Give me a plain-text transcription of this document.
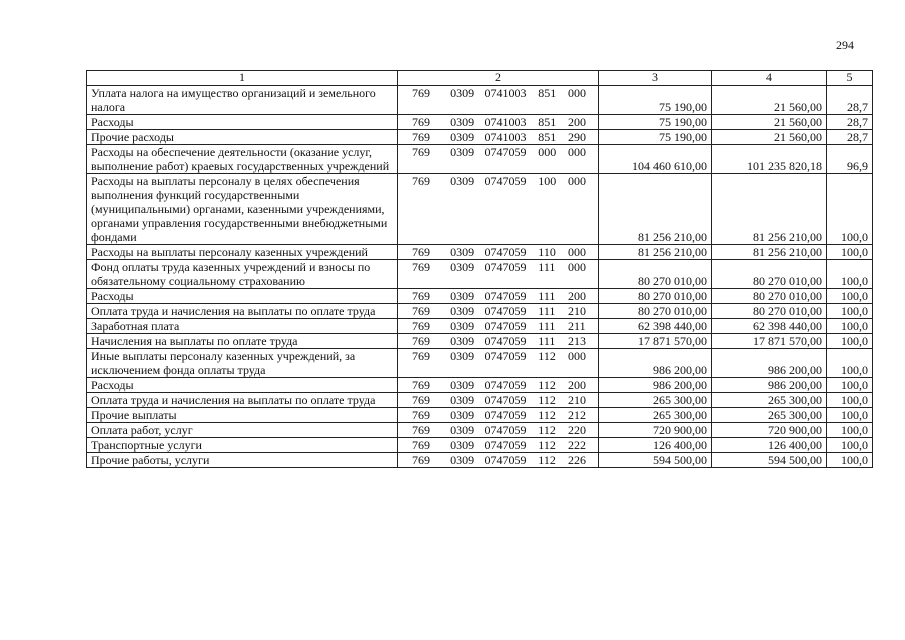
294
1	2	3	4	5
Уплата налога на имущество организаций и земельного налога	769 0309 0741003 851 000	75 190,00	21 560,00	28,7
Расходы	769 0309 0741003 851 200	75 190,00	21 560,00	28,7
Прочие расходы	769 0309 0741003 851 290	75 190,00	21 560,00	28,7
Расходы на обеспечение деятельности (оказание услуг, выполнение работ) краевых государственных учреждений	769 0309 0747059 000 000	104 460 610,00	101 235 820,18	96,9
Расходы на выплаты персоналу в целях обеспечения выполнения функций государственными (муниципальными) органами, казенными учреждениями, органами управления государственными внебюджетными фондами	769 0309 0747059 100 000	81 256 210,00	81 256 210,00	100,0
Расходы на выплаты персоналу казенных учреждений	769 0309 0747059 110 000	81 256 210,00	81 256 210,00	100,0
Фонд оплаты труда казенных учреждений и взносы по обязательному социальному страхованию	769 0309 0747059 111 000	80 270 010,00	80 270 010,00	100,0
Расходы	769 0309 0747059 111 200	80 270 010,00	80 270 010,00	100,0
Оплата труда и начисления на выплаты по оплате труда	769 0309 0747059 111 210	80 270 010,00	80 270 010,00	100,0
Заработная плата	769 0309 0747059 111 211	62 398 440,00	62 398 440,00	100,0
Начисления на выплаты по оплате труда	769 0309 0747059 111 213	17 871 570,00	17 871 570,00	100,0
Иные выплаты персоналу казенных учреждений, за исключением фонда оплаты труда	769 0309 0747059 112 000	986 200,00	986 200,00	100,0
Расходы	769 0309 0747059 112 200	986 200,00	986 200,00	100,0
Оплата труда и начисления на выплаты по оплате труда	769 0309 0747059 112 210	265 300,00	265 300,00	100,0
Прочие выплаты	769 0309 0747059 112 212	265 300,00	265 300,00	100,0
Оплата работ, услуг	769 0309 0747059 112 220	720 900,00	720 900,00	100,0
Транспортные услуги	769 0309 0747059 112 222	126 400,00	126 400,00	100,0
Прочие работы, услуги	769 0309 0747059 112 226	594 500,00	594 500,00	100,0
